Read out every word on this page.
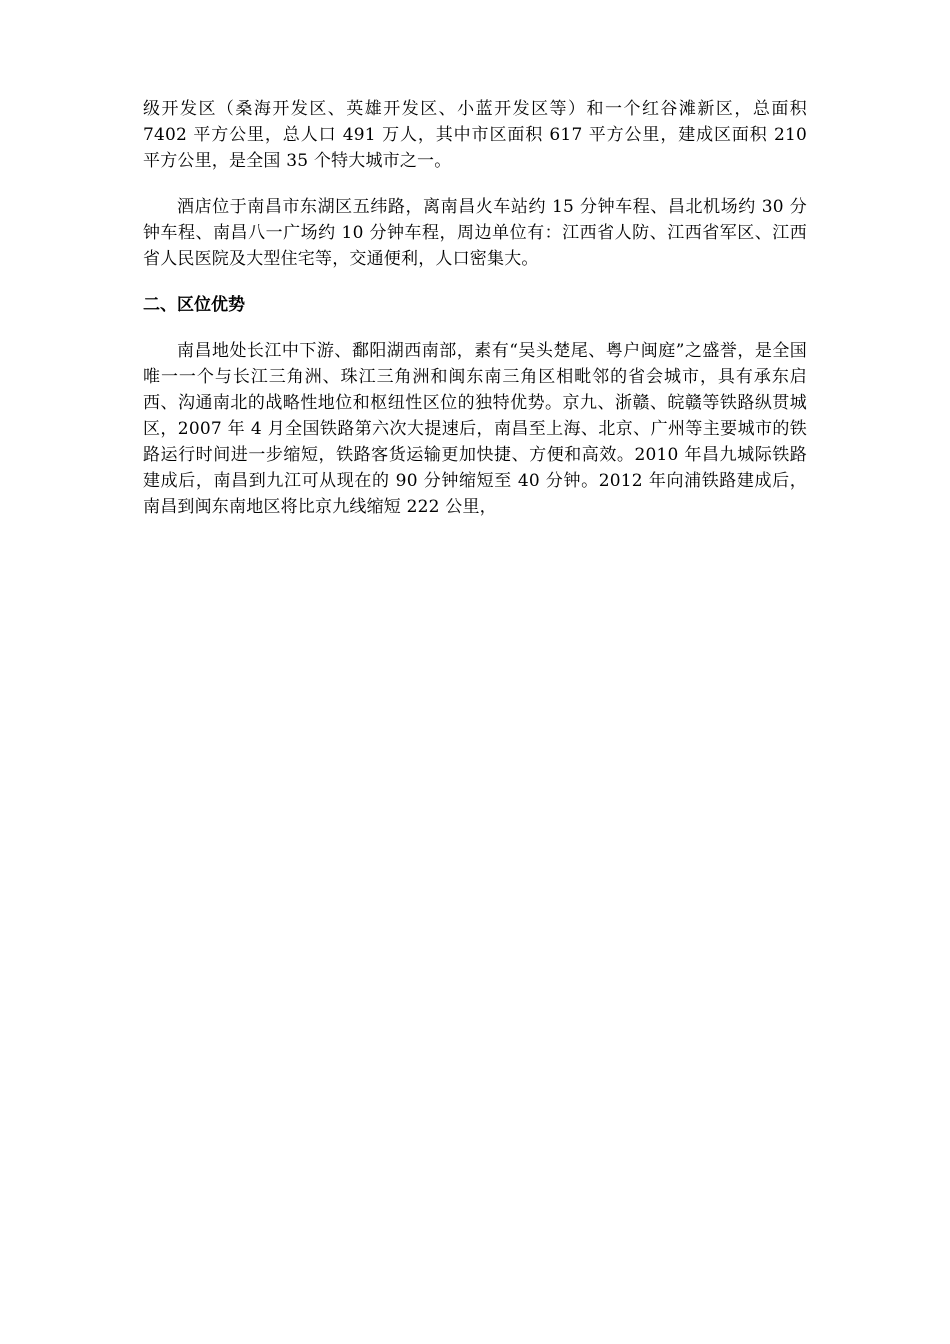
级开发区（桑海开发区、英雄开发区、小蓝开发区等）和一个红谷滩新区，总面积 7402 平方公里，总人口 491 万人，其中市区面积 617 平方公里，建成区面积 210 平方公里，是全国 35 个特大城市之一。

酒店位于南昌市东湖区五纬路，离南昌火车站约 15 分钟车程、昌北机场约 30 分钟车程、南昌八一广场约 10 分钟车程，周边单位有：江西省人防、江西省军区、江西省人民医院及大型住宅等，交通便利，人口密集大。

二、区位优势

南昌地处长江中下游、鄱阳湖西南部，素有“吴头楚尾、粤户闽庭”之盛誉，是全国唯一一个与长江三角洲、珠江三角洲和闽东南三角区相毗邻的省会城市，具有承东启西、沟通南北的战略性地位和枢纽性区位的独特优势。京九、浙赣、皖赣等铁路纵贯城区，2007 年 4 月全国铁路第六次大提速后，南昌至上海、北京、广州等主要城市的铁路运行时间进一步缩短，铁路客货运输更加快捷、方便和高效。2010 年昌九城际铁路建成后，南昌到九江可从现在的 90 分钟缩短至 40 分钟。2012 年向浦铁路建成后，南昌到闽东南地区将比京九线缩短 222 公里，
